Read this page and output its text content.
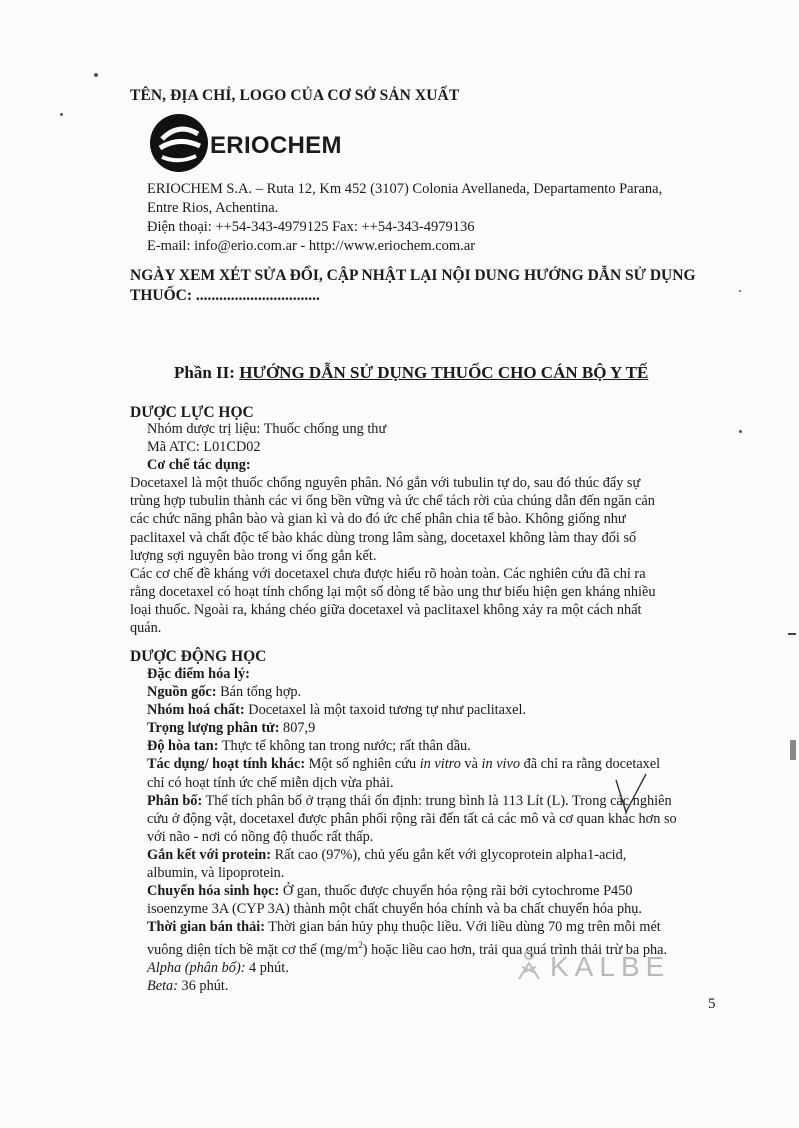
TÊN, ĐỊA CHỈ, LOGO CỦA CƠ SỞ SẢN XUẤT
ERIOCHEM
ERIOCHEM S.A. – Ruta 12, Km 452 (3107) Colonia Avellaneda, Departamento Parana,
Entre Rios, Achentina.
Điện thoại: ++54-343-4979125 Fax: ++54-343-4979136
E-mail: info@erio.com.ar - http://www.eriochem.com.ar
NGÀY XEM XÉT SỬA ĐỔI, CẬP NHẬT LẠI NỘI DUNG HƯỚNG DẪN SỬ DỤNG
THUỐC: ................................
Phần II: HƯỚNG DẪN SỬ DỤNG THUỐC CHO CÁN BỘ Y TẾ
DƯỢC LỰC HỌC
Nhóm dược trị liệu: Thuốc chống ung thư
Mã ATC: L01CD02
Cơ chế tác dụng:
Docetaxel là một thuốc chống nguyên phân. Nó gắn với tubulin tự do, sau đó thúc đẩy sự
trùng hợp tubulin thành các vi ống bền vững và ức chế tách rời của chúng dẫn đến ngăn cản
các chức năng phân bào và gian kì và do đó ức chế phân chia tế bào. Không giống như
paclitaxel và chất độc tế bào khác dùng trong lâm sàng, docetaxel không làm thay đổi số
lượng sợi nguyên bào trong vi ống gắn kết.
Các cơ chế đề kháng với docetaxel chưa được hiểu rõ hoàn toàn. Các nghiên cứu đã chỉ ra
rằng docetaxel có hoạt tính chống lại một số dòng tế bào ung thư biểu hiện gen kháng nhiều
loại thuốc. Ngoài ra, kháng chéo giữa docetaxel và paclitaxel không xảy ra một cách nhất
quán.
DƯỢC ĐỘNG HỌC
Đặc điểm hóa lý:
Nguồn gốc: Bán tổng hợp.
Nhóm hoá chất: Docetaxel là một taxoid tương tự như paclitaxel.
Trọng lượng phân tử: 807,9
Độ hòa tan: Thực tế không tan trong nước; rất thân dầu.
Tác dụng/ hoạt tính khác: Một số nghiên cứu in vitro và in vivo đã chỉ ra rằng docetaxel
chỉ có hoạt tính ức chế miễn dịch vừa phải.
Phân bố: Thể tích phân bố ở trạng thái ổn định: trung bình là 113 Lít (L). Trong các nghiên
cứu ở động vật, docetaxel được phân phối rộng rãi đến tất cả các mô và cơ quan khác hơn so
với não - nơi có nồng độ thuốc rất thấp.
Gắn kết với protein: Rất cao (97%), chủ yếu gắn kết với glycoprotein alpha1-acid,
albumin, và lipoprotein.
Chuyển hóa sinh học: Ở gan, thuốc được chuyển hóa rộng rãi bởi cytochrome P450
isoenzyme 3A (CYP 3A) thành một chất chuyển hóa chính và ba chất chuyển hóa phụ.
Thời gian bán thải: Thời gian bán hủy phụ thuộc liều. Với liều dùng 70 mg trên mỗi mét
vuông diện tích bề mặt cơ thể $(mg/m^2)$ hoặc liều cao hơn, trải qua quá trình thải trừ ba pha.
Alpha (phân bố): 4 phút.
Beta: 36 phút.
KALBE
5
